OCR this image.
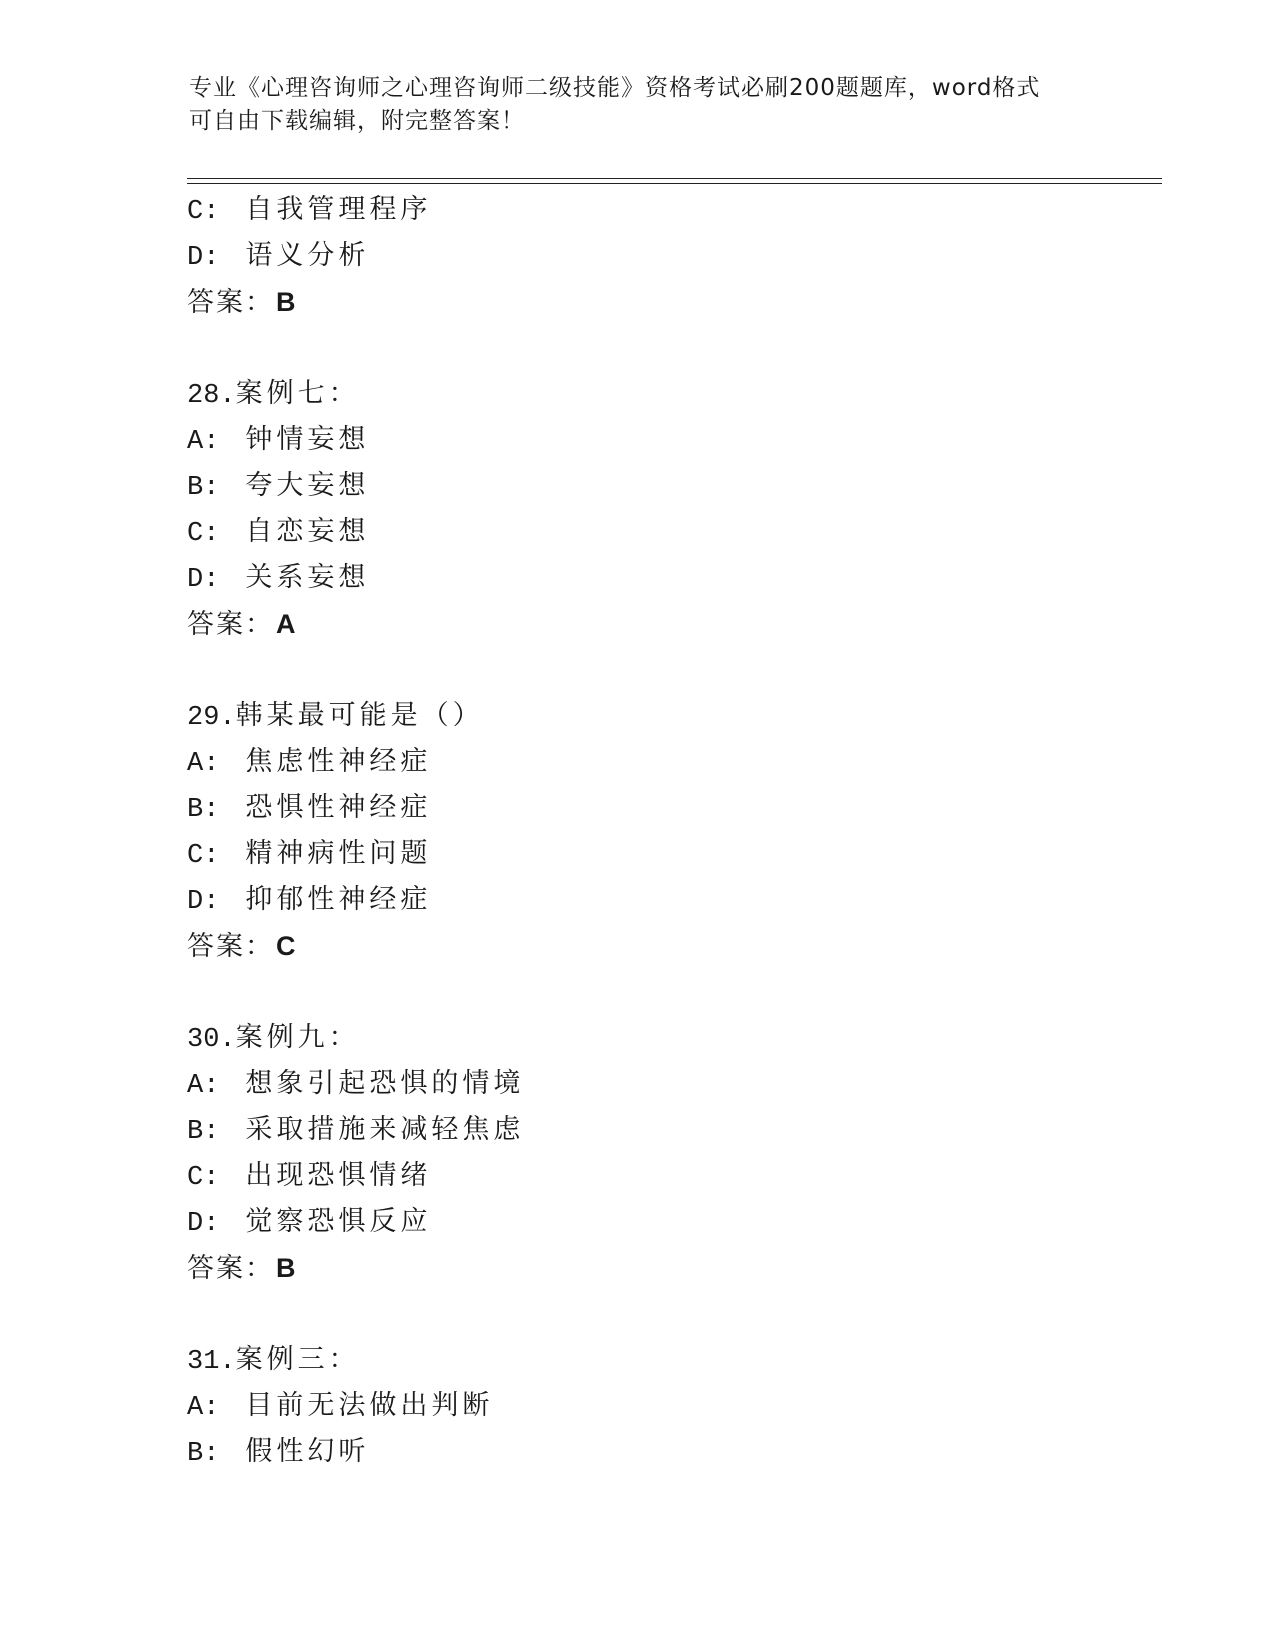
专业《心理咨询师之心理咨询师二级技能》资格考试必刷200题题库，word格式
可自由下载编辑，附完整答案！
C: 自我管理程序
D: 语义分析
答案：B
28.案例七：
A: 钟情妄想
B: 夸大妄想
C: 自恋妄想
D: 关系妄想
答案：A
29.韩某最可能是（）
A: 焦虑性神经症
B: 恐惧性神经症
C: 精神病性问题
D: 抑郁性神经症
答案：C
30.案例九：
A: 想象引起恐惧的情境
B: 采取措施来减轻焦虑
C: 出现恐惧情绪
D: 觉察恐惧反应
答案：B
31.案例三：
A: 目前无法做出判断
B: 假性幻听
